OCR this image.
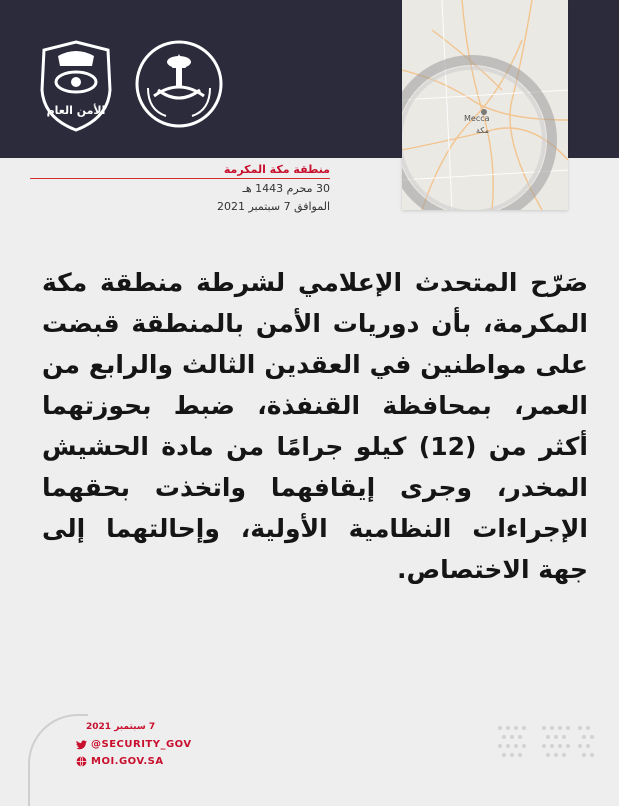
الأمن العام
Mecca
مكة
منطقة مكة المكرمة
30 محرم 1443 هـ
الموافق 7 سبتمبر 2021
صَرّح المتحدث الإعلامي لشرطة منطقة مكة المكرمة، بأن دوريات الأمن بالمنطقة قبضت على مواطنين في العقدين الثالث والرابع من العمر، بمحافظة القنفذة، ضبط بحوزتهما أكثر من (12) كيلو جرامًا من مادة الحشيش المخدر، وجرى إيقافهما واتخذت بحقهما الإجراءات النظامية الأولية، وإحالتهما إلى جهة الاختصاص.
7 سبتمبر 2021
@SECURITY_GOV
MOI.GOV.SA
